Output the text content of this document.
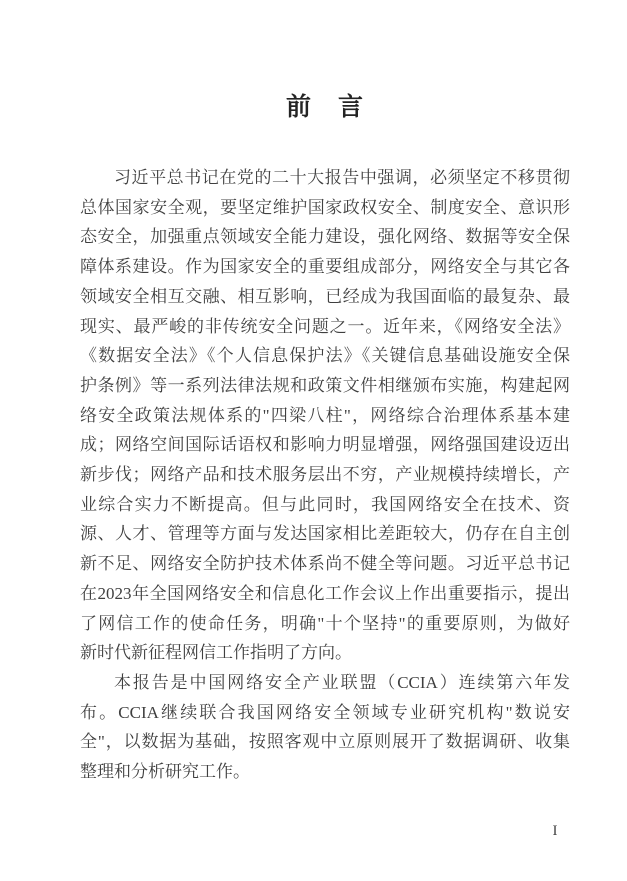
前　言
习近平总书记在党的二十大报告中强调，必须坚定不移贯彻
总体国家安全观，要坚定维护国家政权安全、制度安全、意识形
态安全，加强重点领域安全能力建设，强化网络、数据等安全保
障体系建设。作为国家安全的重要组成部分，网络安全与其它各
领域安全相互交融、相互影响，已经成为我国面临的最复杂、最
现实、最严峻的非传统安全问题之一。近年来，《网络安全法》
《数据安全法》《个人信息保护法》《关键信息基础设施安全保
护条例》等一系列法律法规和政策文件相继颁布实施，构建起网
络安全政策法规体系的"四梁八柱"，网络综合治理体系基本建
成；网络空间国际话语权和影响力明显增强，网络强国建设迈出
新步伐；网络产品和技术服务层出不穷，产业规模持续增长，产
业综合实力不断提高。但与此同时，我国网络安全在技术、资
源、人才、管理等方面与发达国家相比差距较大，仍存在自主创
新不足、网络安全防护技术体系尚不健全等问题。习近平总书记
在2023年全国网络安全和信息化工作会议上作出重要指示，提出
了网信工作的使命任务，明确"十个坚持"的重要原则，为做好
新时代新征程网信工作指明了方向。
本报告是中国网络安全产业联盟（CCIA）连续第六年发
布。CCIA继续联合我国网络安全领域专业研究机构"数说安
全"，以数据为基础，按照客观中立原则展开了数据调研、收集
整理和分析研究工作。
I
